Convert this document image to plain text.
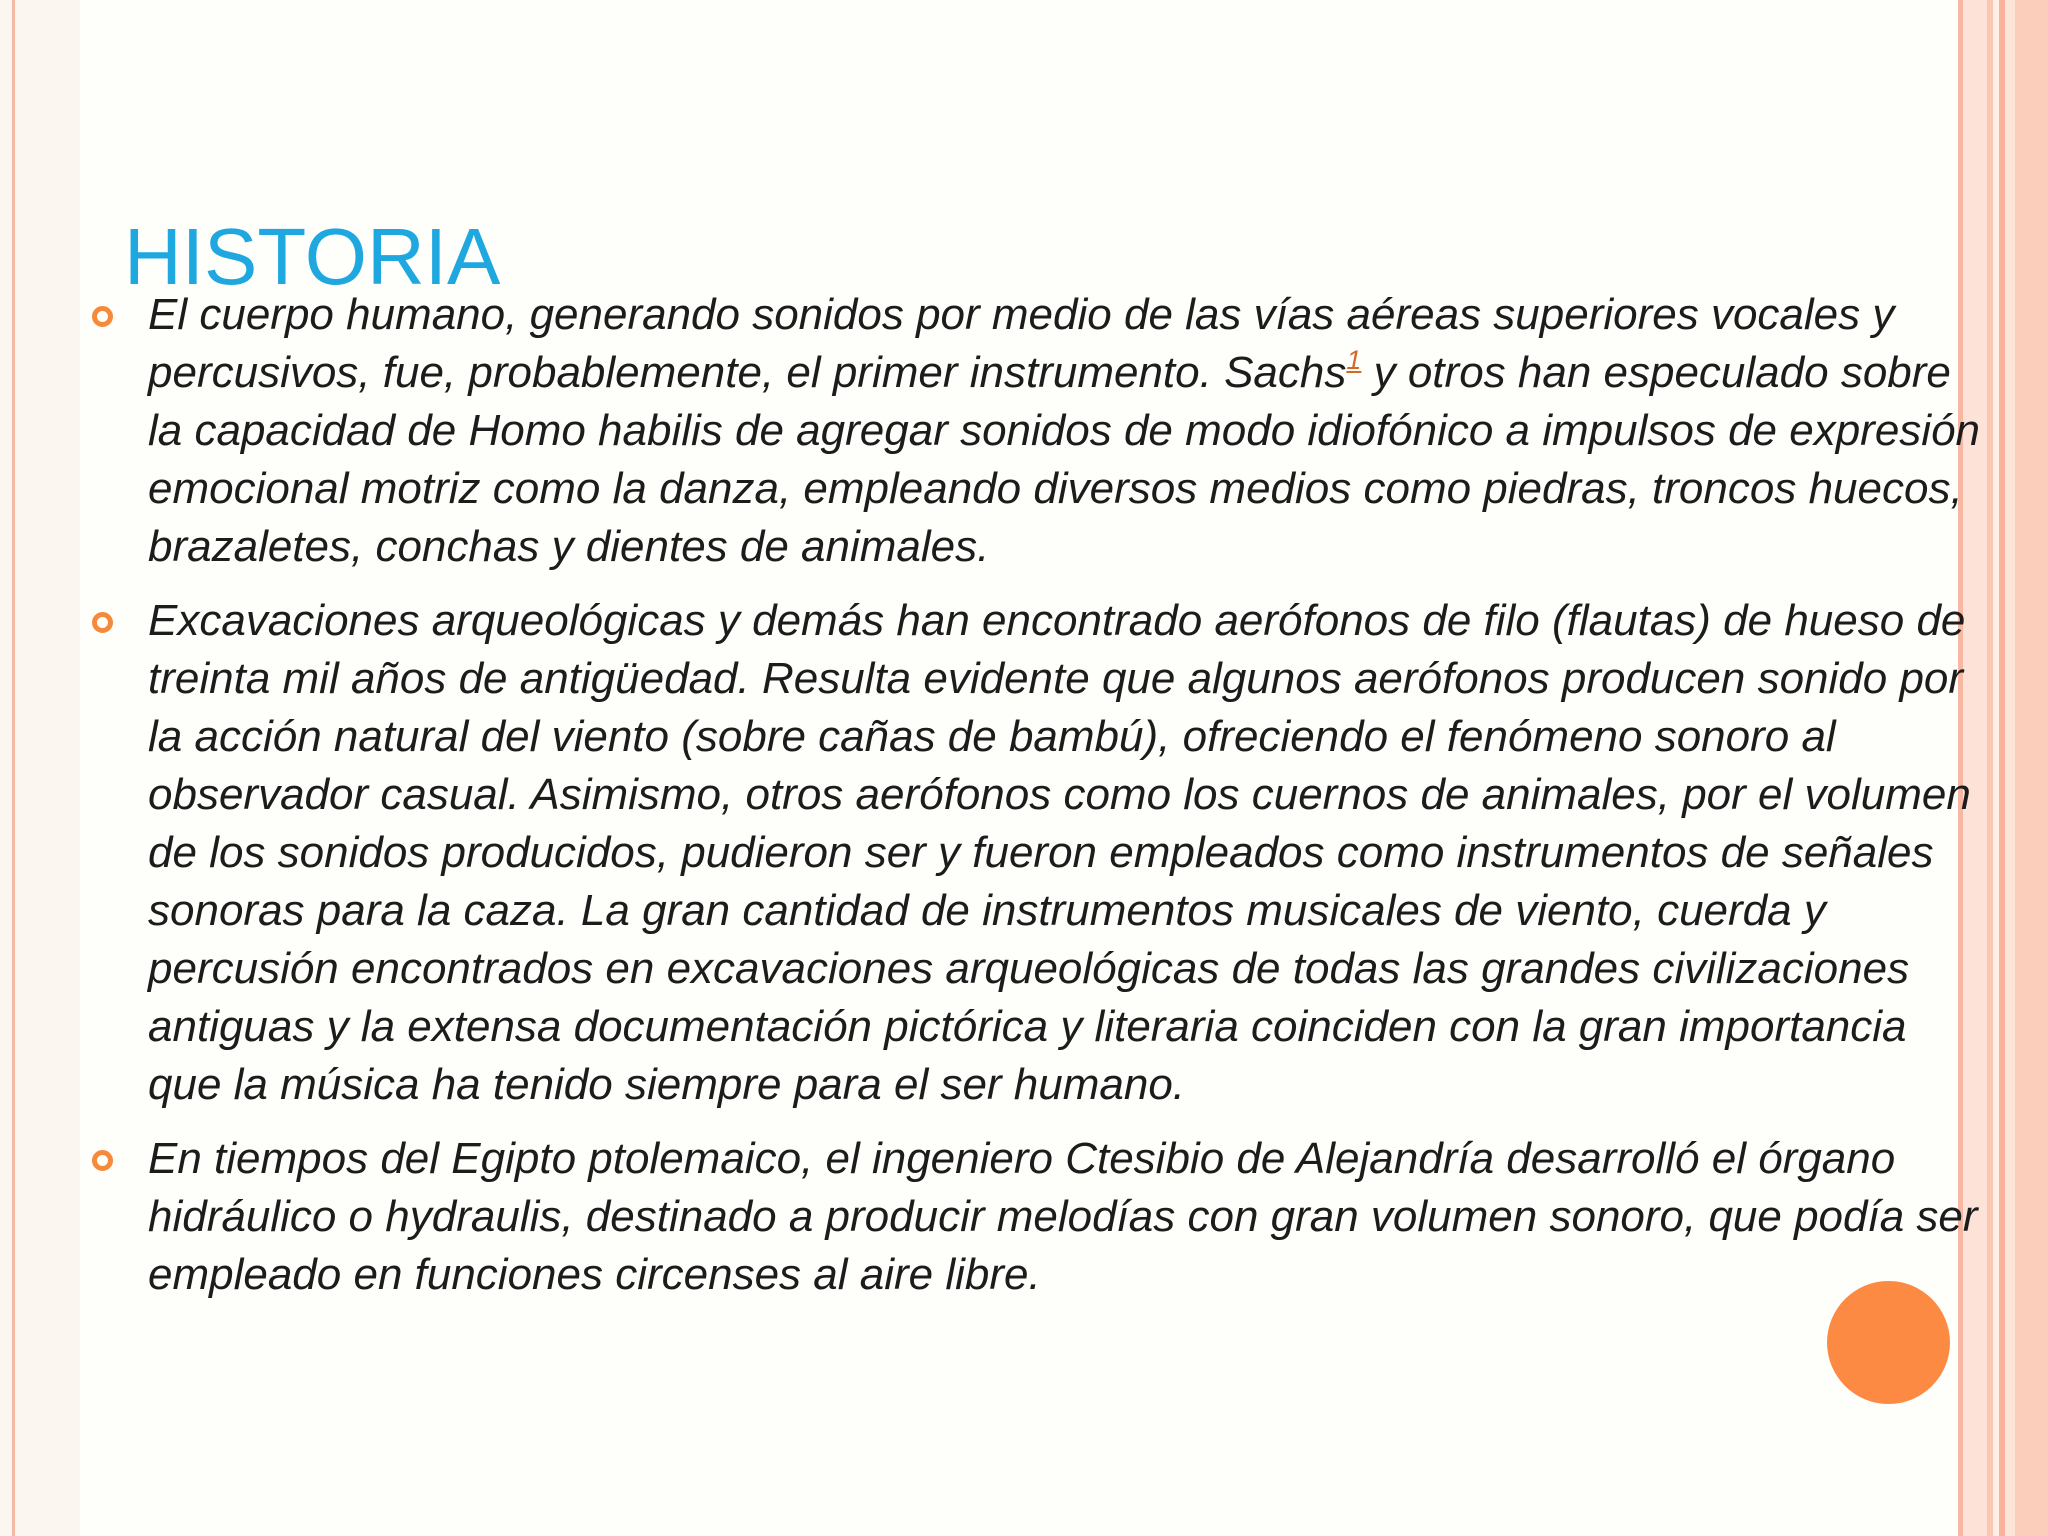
HISTORIA
El cuerpo humano, generando sonidos por medio de las vías aéreas superiores vocales y percusivos, fue, probablemente, el primer instrumento. Sachs$^1$ y otros han especulado sobre la capacidad de Homo habilis de agregar sonidos de modo idiofónico a impulsos de expresión emocional motriz como la danza, empleando diversos medios como piedras, troncos huecos, brazaletes, conchas y dientes de animales.
Excavaciones arqueológicas y demás han encontrado aerófonos de filo (flautas) de hueso de treinta mil años de antigüedad. Resulta evidente que algunos aerófonos producen sonido por la acción natural del viento (sobre cañas de bambú), ofreciendo el fenómeno sonoro al observador casual. Asimismo, otros aerófonos como los cuernos de animales, por el volumen de los sonidos producidos, pudieron ser y fueron empleados como instrumentos de señales sonoras para la caza. La gran cantidad de instrumentos musicales de viento, cuerda y percusión encontrados en excavaciones arqueológicas de todas las grandes civilizaciones antiguas y la extensa documentación pictórica y literaria coinciden con la gran importancia que la música ha tenido siempre para el ser humano.
En tiempos del Egipto ptolemaico, el ingeniero Ctesibio de Alejandría desarrolló el órgano hidráulico o hydraulis, destinado a producir melodías con gran volumen sonoro, que podía ser empleado en funciones circenses al aire libre.
